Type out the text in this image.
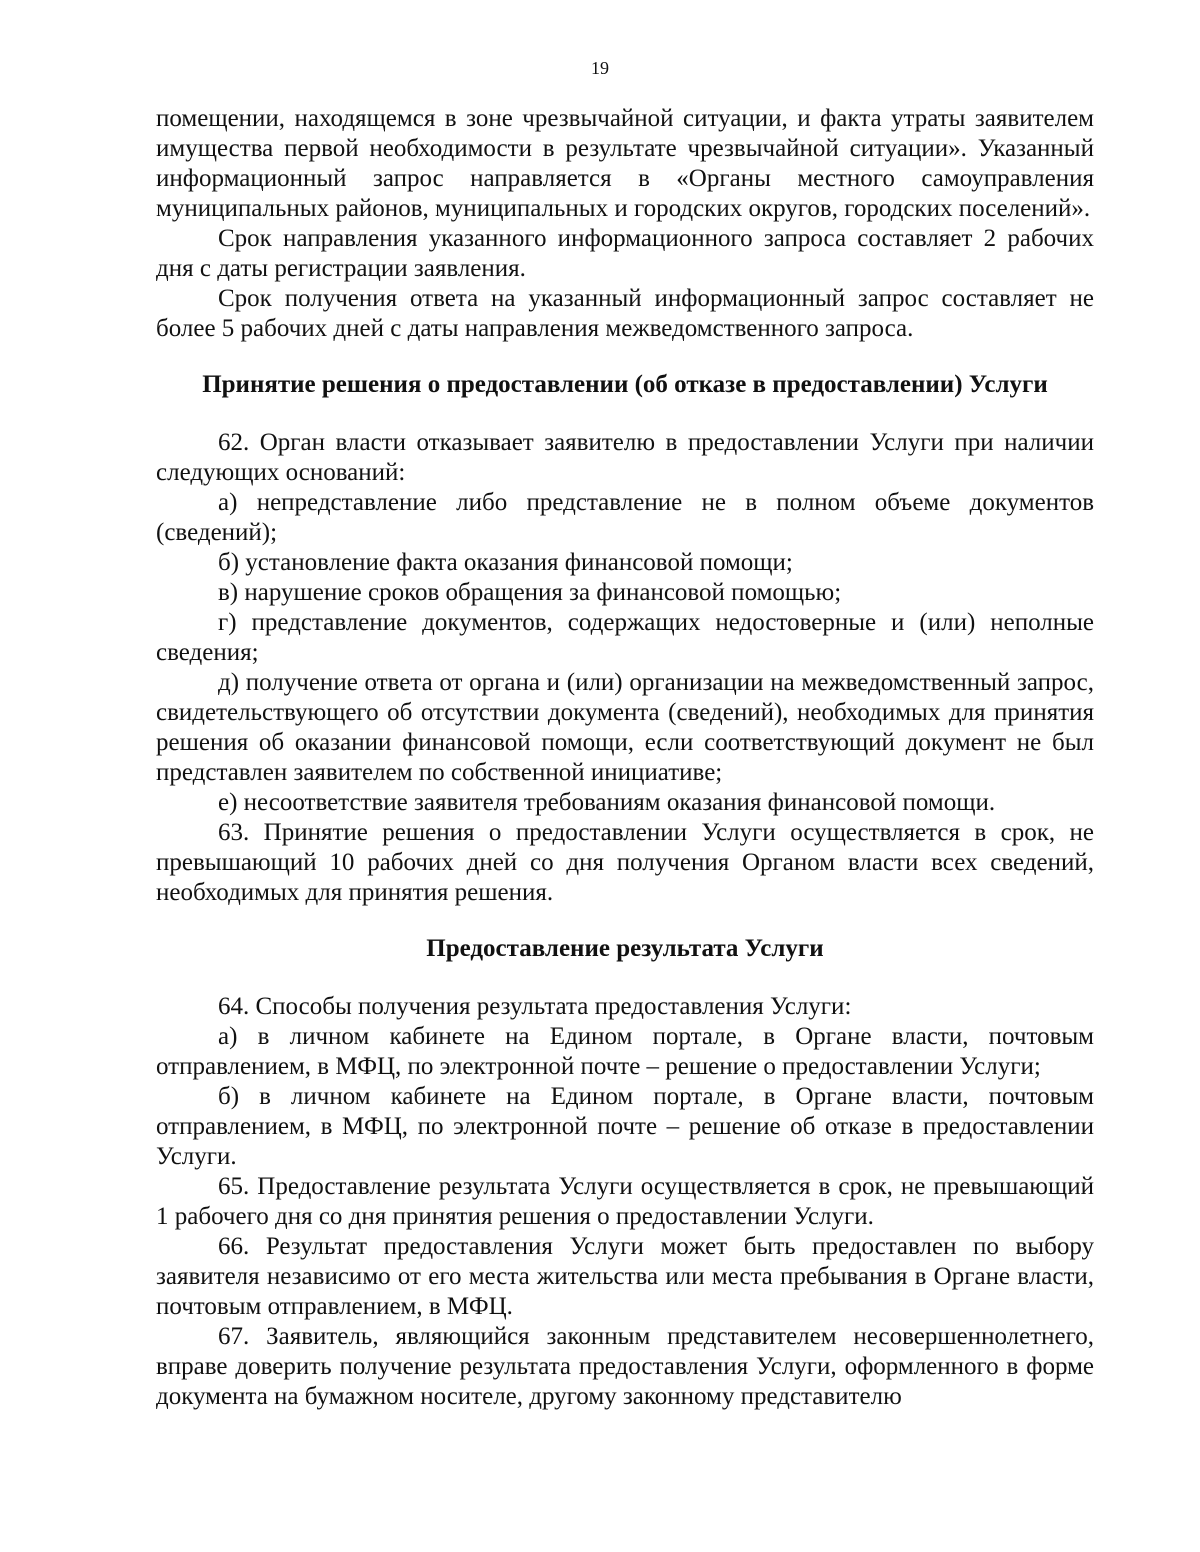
19

помещении, находящемся в зоне чрезвычайной ситуации, и факта утраты заявителем имущества первой необходимости в результате чрезвычайной ситуации». Указанный информационный запрос направляется в «Органы местного самоуправления муниципальных районов, муниципальных и городских округов, городских поселений».

Срок направления указанного информационного запроса составляет 2 рабочих дня с даты регистрации заявления.

Срок получения ответа на указанный информационный запрос составляет не более 5 рабочих дней с даты направления межведомственного запроса.

Принятие решения о предоставлении (об отказе в предоставлении) Услуги

62. Орган власти отказывает заявителю в предоставлении Услуги при наличии следующих оснований:

а) непредставление либо представление не в полном объеме документов (сведений);

б) установление факта оказания финансовой помощи;

в) нарушение сроков обращения за финансовой помощью;

г) представление документов, содержащих недостоверные и (или) неполные сведения;

д) получение ответа от органа и (или) организации на межведомственный запрос, свидетельствующего об отсутствии документа (сведений), необходимых для принятия решения об оказании финансовой помощи, если соответствующий документ не был представлен заявителем по собственной инициативе;

е) несоответствие заявителя требованиям оказания финансовой помощи.

63. Принятие решения о предоставлении Услуги осуществляется в срок, не превышающий 10 рабочих дней со дня получения Органом власти всех сведений, необходимых для принятия решения.

Предоставление результата Услуги

64. Способы получения результата предоставления Услуги:

а) в личном кабинете на Едином портале, в Органе власти, почтовым отправлением, в МФЦ, по электронной почте – решение о предоставлении Услуги;

б) в личном кабинете на Едином портале, в Органе власти, почтовым отправлением, в МФЦ, по электронной почте – решение об отказе в предоставлении Услуги.

65. Предоставление результата Услуги осуществляется в срок, не превышающий 1 рабочего дня со дня принятия решения о предоставлении Услуги.

66. Результат предоставления Услуги может быть предоставлен по выбору заявителя независимо от его места жительства или места пребывания в Органе власти, почтовым отправлением, в МФЦ.

67. Заявитель, являющийся законным представителем несовершеннолетнего, вправе доверить получение результата предоставления Услуги, оформленного в форме документа на бумажном носителе, другому законному представителю
